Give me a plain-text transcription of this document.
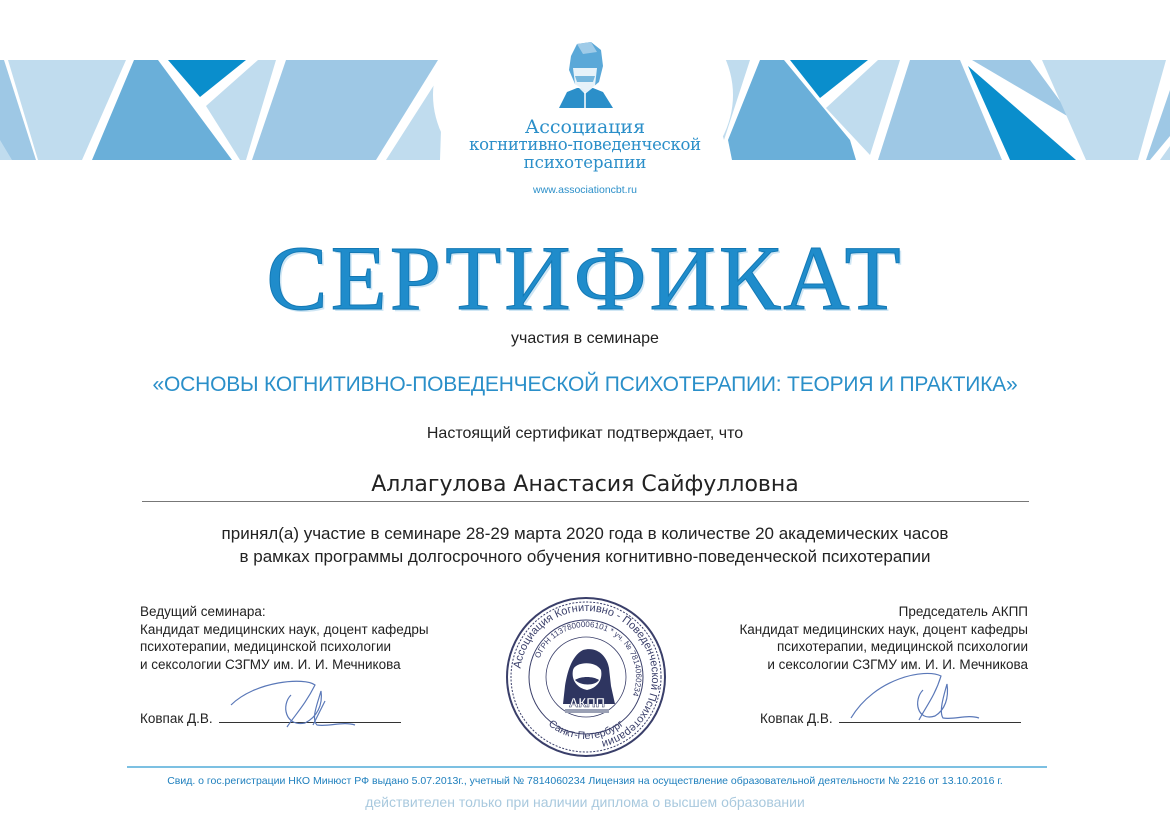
Ассоциация
когнитивно-поведенческой
психотерапии
www.associationcbt.ru
СЕРТИФИКАТ
участия в семинаре
«ОСНОВЫ КОГНИТИВНО-ПОВЕДЕНЧЕСКОЙ ПСИХОТЕРАПИИ: ТЕОРИЯ И ПРАКТИКА»
Настоящий сертификат подтверждает, что
Аллагулова Анастасия Сайфулловна
принял(а) участие в семинаре 28-29 марта 2020 года в количестве 20 академических часов
в рамках программы долгосрочного обучения когнитивно-поведенческой психотерапии
Ведущий семинара:
Кандидат медицинских наук, доцент кафедры
психотерапии, медицинской психологии
и сексологии СЗГМУ им. И. И. Мечникова
Ковпак Д.В.
Председатель АКПП
Кандидат медицинских наук, доцент кафедры
психотерапии, медицинской психологии
и сексологии СЗГМУ им. И. И. Мечникова
Ковпак Д.В.
Ассоциация Когнитивно - Поведенческой Психотерапии
ОГРН 1137800006101 * уч. № 7814060234
Санкт-Петербург
АКПП
Свид. о гос.регистрации НКО Минюст РФ выдано 5.07.2013г., учетный № 7814060234 Лицензия на осуществление образовательной деятельности № 2216 от 13.10.2016 г.
действителен только при наличии диплома о высшем образовании
